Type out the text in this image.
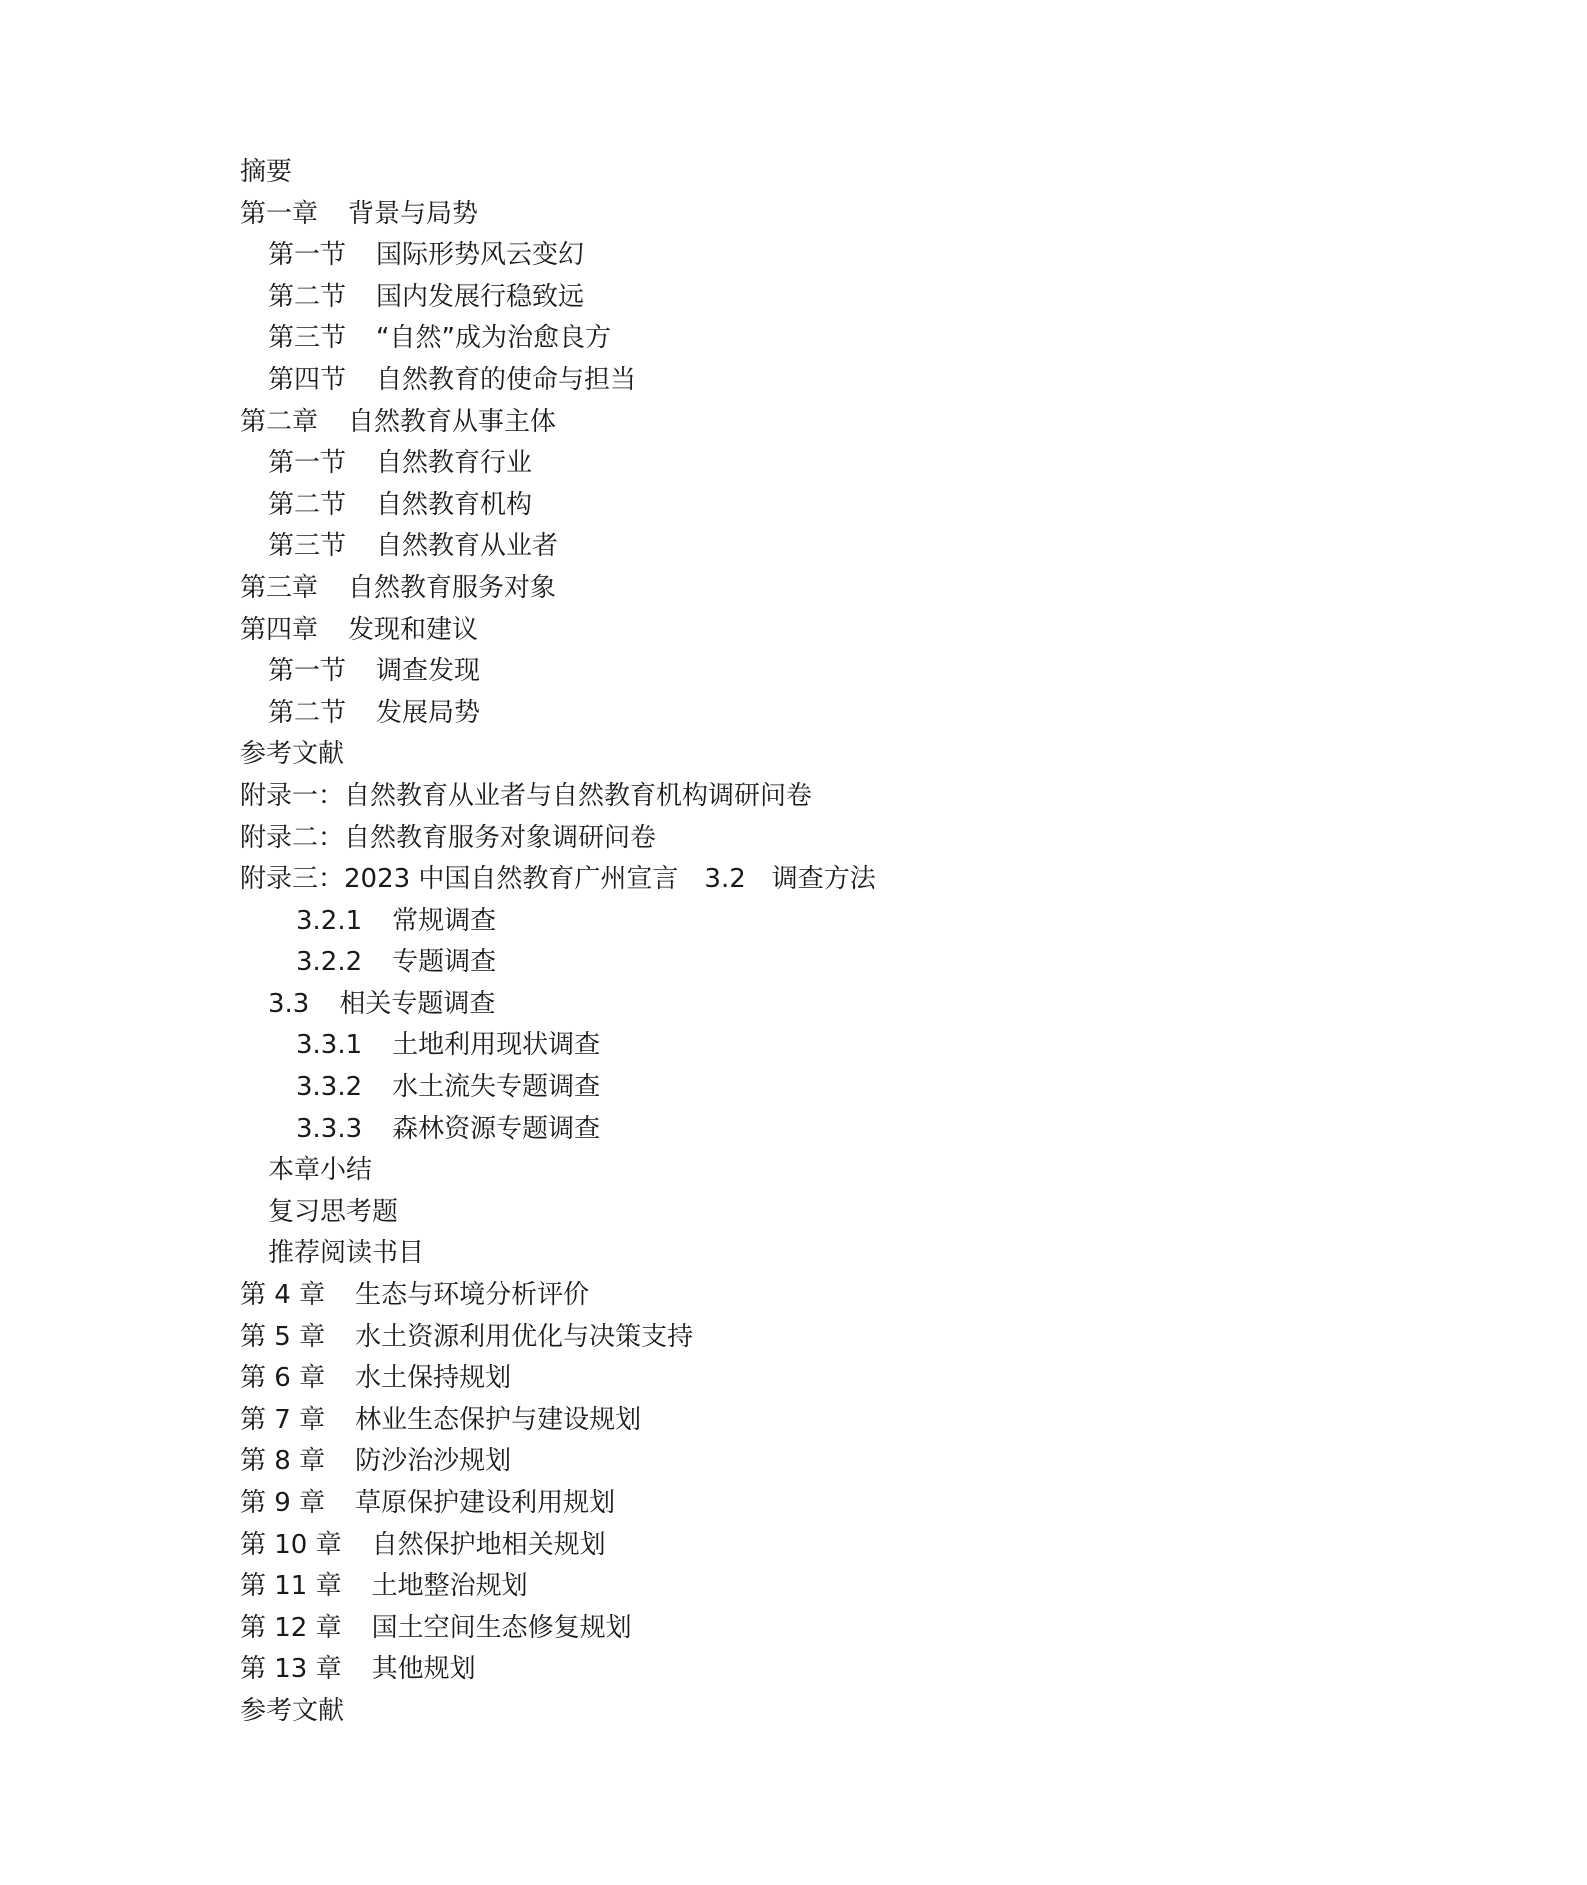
摘要
第一章 背景与局势
第一节 国际形势风云变幻
第二节 国内发展行稳致远
第三节 “自然”成为治愈良方
第四节 自然教育的使命与担当
第二章 自然教育从事主体
第一节 自然教育行业
第二节 自然教育机构
第三节 自然教育从业者
第三章 自然教育服务对象
第四章 发现和建议
第一节 调查发现
第二节 发展局势
参考文献
附录一：自然教育从业者与自然教育机构调研问卷
附录二：自然教育服务对象调研问卷
附录三：2023 中国自然教育广州宣言　3.2　调查方法
3.2.1 常规调查
3.2.2 专题调查
3.3 相关专题调查
3.3.1 土地利用现状调查
3.3.2 水土流失专题调查
3.3.3 森林资源专题调查
本章小结
复习思考题
推荐阅读书目
第 4 章 生态与环境分析评价
第 5 章 水土资源利用优化与决策支持
第 6 章 水土保持规划
第 7 章 林业生态保护与建设规划
第 8 章 防沙治沙规划
第 9 章 草原保护建设利用规划
第 10 章 自然保护地相关规划
第 11 章 土地整治规划
第 12 章 国土空间生态修复规划
第 13 章 其他规划
参考文献
